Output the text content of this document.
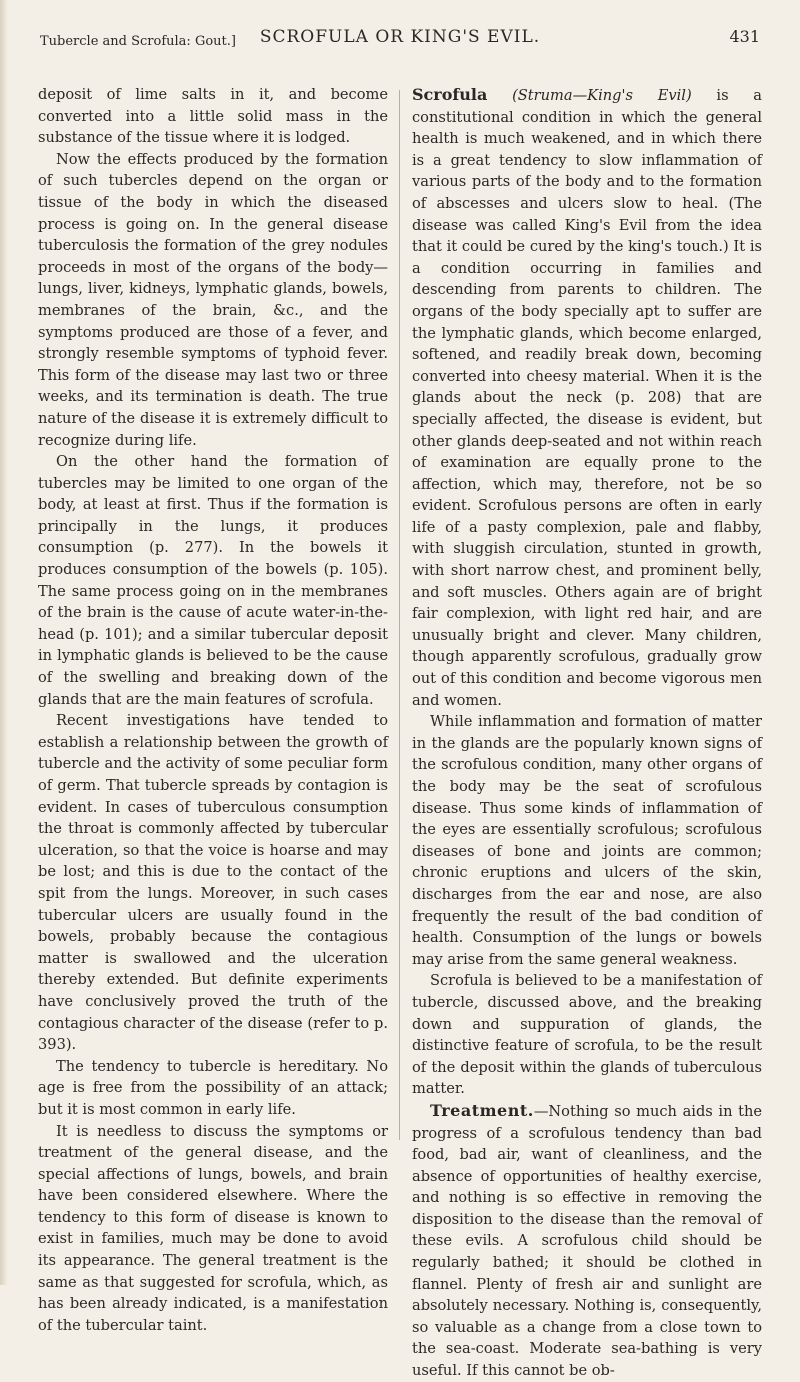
Tubercle and Scrofula: Gout.]	SCROFULA OR KING'S EVIL.	431

deposit of lime salts in it, and become converted into a little solid mass in the substance of the tissue where it is lodged.

Now the effects produced by the formation of such tubercles depend on the organ or tissue of the body in which the diseased process is going on. In the general disease tuberculosis the formation of the grey nodules proceeds in most of the organs of the body—lungs, liver, kidneys, lymphatic glands, bowels, membranes of the brain, &c., and the symptoms produced are those of a fever, and strongly resemble symptoms of typhoid fever. This form of the disease may last two or three weeks, and its termination is death. The true nature of the disease it is extremely difficult to recognize during life.

On the other hand the formation of tubercles may be limited to one organ of the body, at least at first. Thus if the formation is principally in the lungs, it produces consumption (p. 277). In the bowels it produces consumption of the bowels (p. 105). The same process going on in the membranes of the brain is the cause of acute water-in-the-head (p. 101); and a similar tubercular deposit in lymphatic glands is believed to be the cause of the swelling and breaking down of the glands that are the main features of scrofula.

Recent investigations have tended to establish a relationship between the growth of tubercle and the activity of some peculiar form of germ. That tubercle spreads by contagion is evident. In cases of tuberculous consumption the throat is commonly affected by tubercular ulceration, so that the voice is hoarse and may be lost; and this is due to the contact of the spit from the lungs. Moreover, in such cases tubercular ulcers are usually found in the bowels, probably because the contagious matter is swallowed and the ulceration thereby extended. But definite experiments have conclusively proved the truth of the contagious character of the disease (refer to p. 393).

The tendency to tubercle is hereditary. No age is free from the possibility of an attack; but it is most common in early life.

It is needless to discuss the symptoms or treatment of the general disease, and the special affections of lungs, bowels, and brain have been considered elsewhere. Where the tendency to this form of disease is known to exist in families, much may be done to avoid its appearance. The general treatment is the same as that suggested for scrofula, which, as has been already indicated, is a manifestation of the tubercular taint.

Scrofula (Struma—King's Evil) is a constitutional condition in which the general health is much weakened, and in which there is a great tendency to slow inflammation of various parts of the body and to the formation of abscesses and ulcers slow to heal. (The disease was called King's Evil from the idea that it could be cured by the king's touch.) It is a condition occurring in families and descending from parents to children. The organs of the body specially apt to suffer are the lymphatic glands, which become enlarged, softened, and readily break down, becoming converted into cheesy material. When it is the glands about the neck (p. 208) that are specially affected, the disease is evident, but other glands deep-seated and not within reach of examination are equally prone to the affection, which may, therefore, not be so evident. Scrofulous persons are often in early life of a pasty complexion, pale and flabby, with sluggish circulation, stunted in growth, with short narrow chest, and prominent belly, and soft muscles. Others again are of bright fair complexion, with light red hair, and are unusually bright and clever. Many children, though apparently scrofulous, gradually grow out of this condition and become vigorous men and women.

While inflammation and formation of matter in the glands are the popularly known signs of the scrofulous condition, many other organs of the body may be the seat of scrofulous disease. Thus some kinds of inflammation of the eyes are essentially scrofulous; scrofulous diseases of bone and joints are common; chronic eruptions and ulcers of the skin, discharges from the ear and nose, are also frequently the result of the bad condition of health. Consumption of the lungs or bowels may arise from the same general weakness.

Scrofula is believed to be a manifestation of tubercle, discussed above, and the breaking down and suppuration of glands, the distinctive feature of scrofula, to be the result of the deposit within the glands of tuberculous matter.

Treatment.—Nothing so much aids in the progress of a scrofulous tendency than bad food, bad air, want of cleanliness, and the absence of opportunities of healthy exercise, and nothing is so effective in removing the disposition to the disease than the removal of these evils. A scrofulous child should be regularly bathed; it should be clothed in flannel. Plenty of fresh air and sunlight are absolutely necessary. Nothing is, consequently, so valuable as a change from a close town to the sea-coast. Moderate sea-bathing is very useful. If this cannot be ob-
